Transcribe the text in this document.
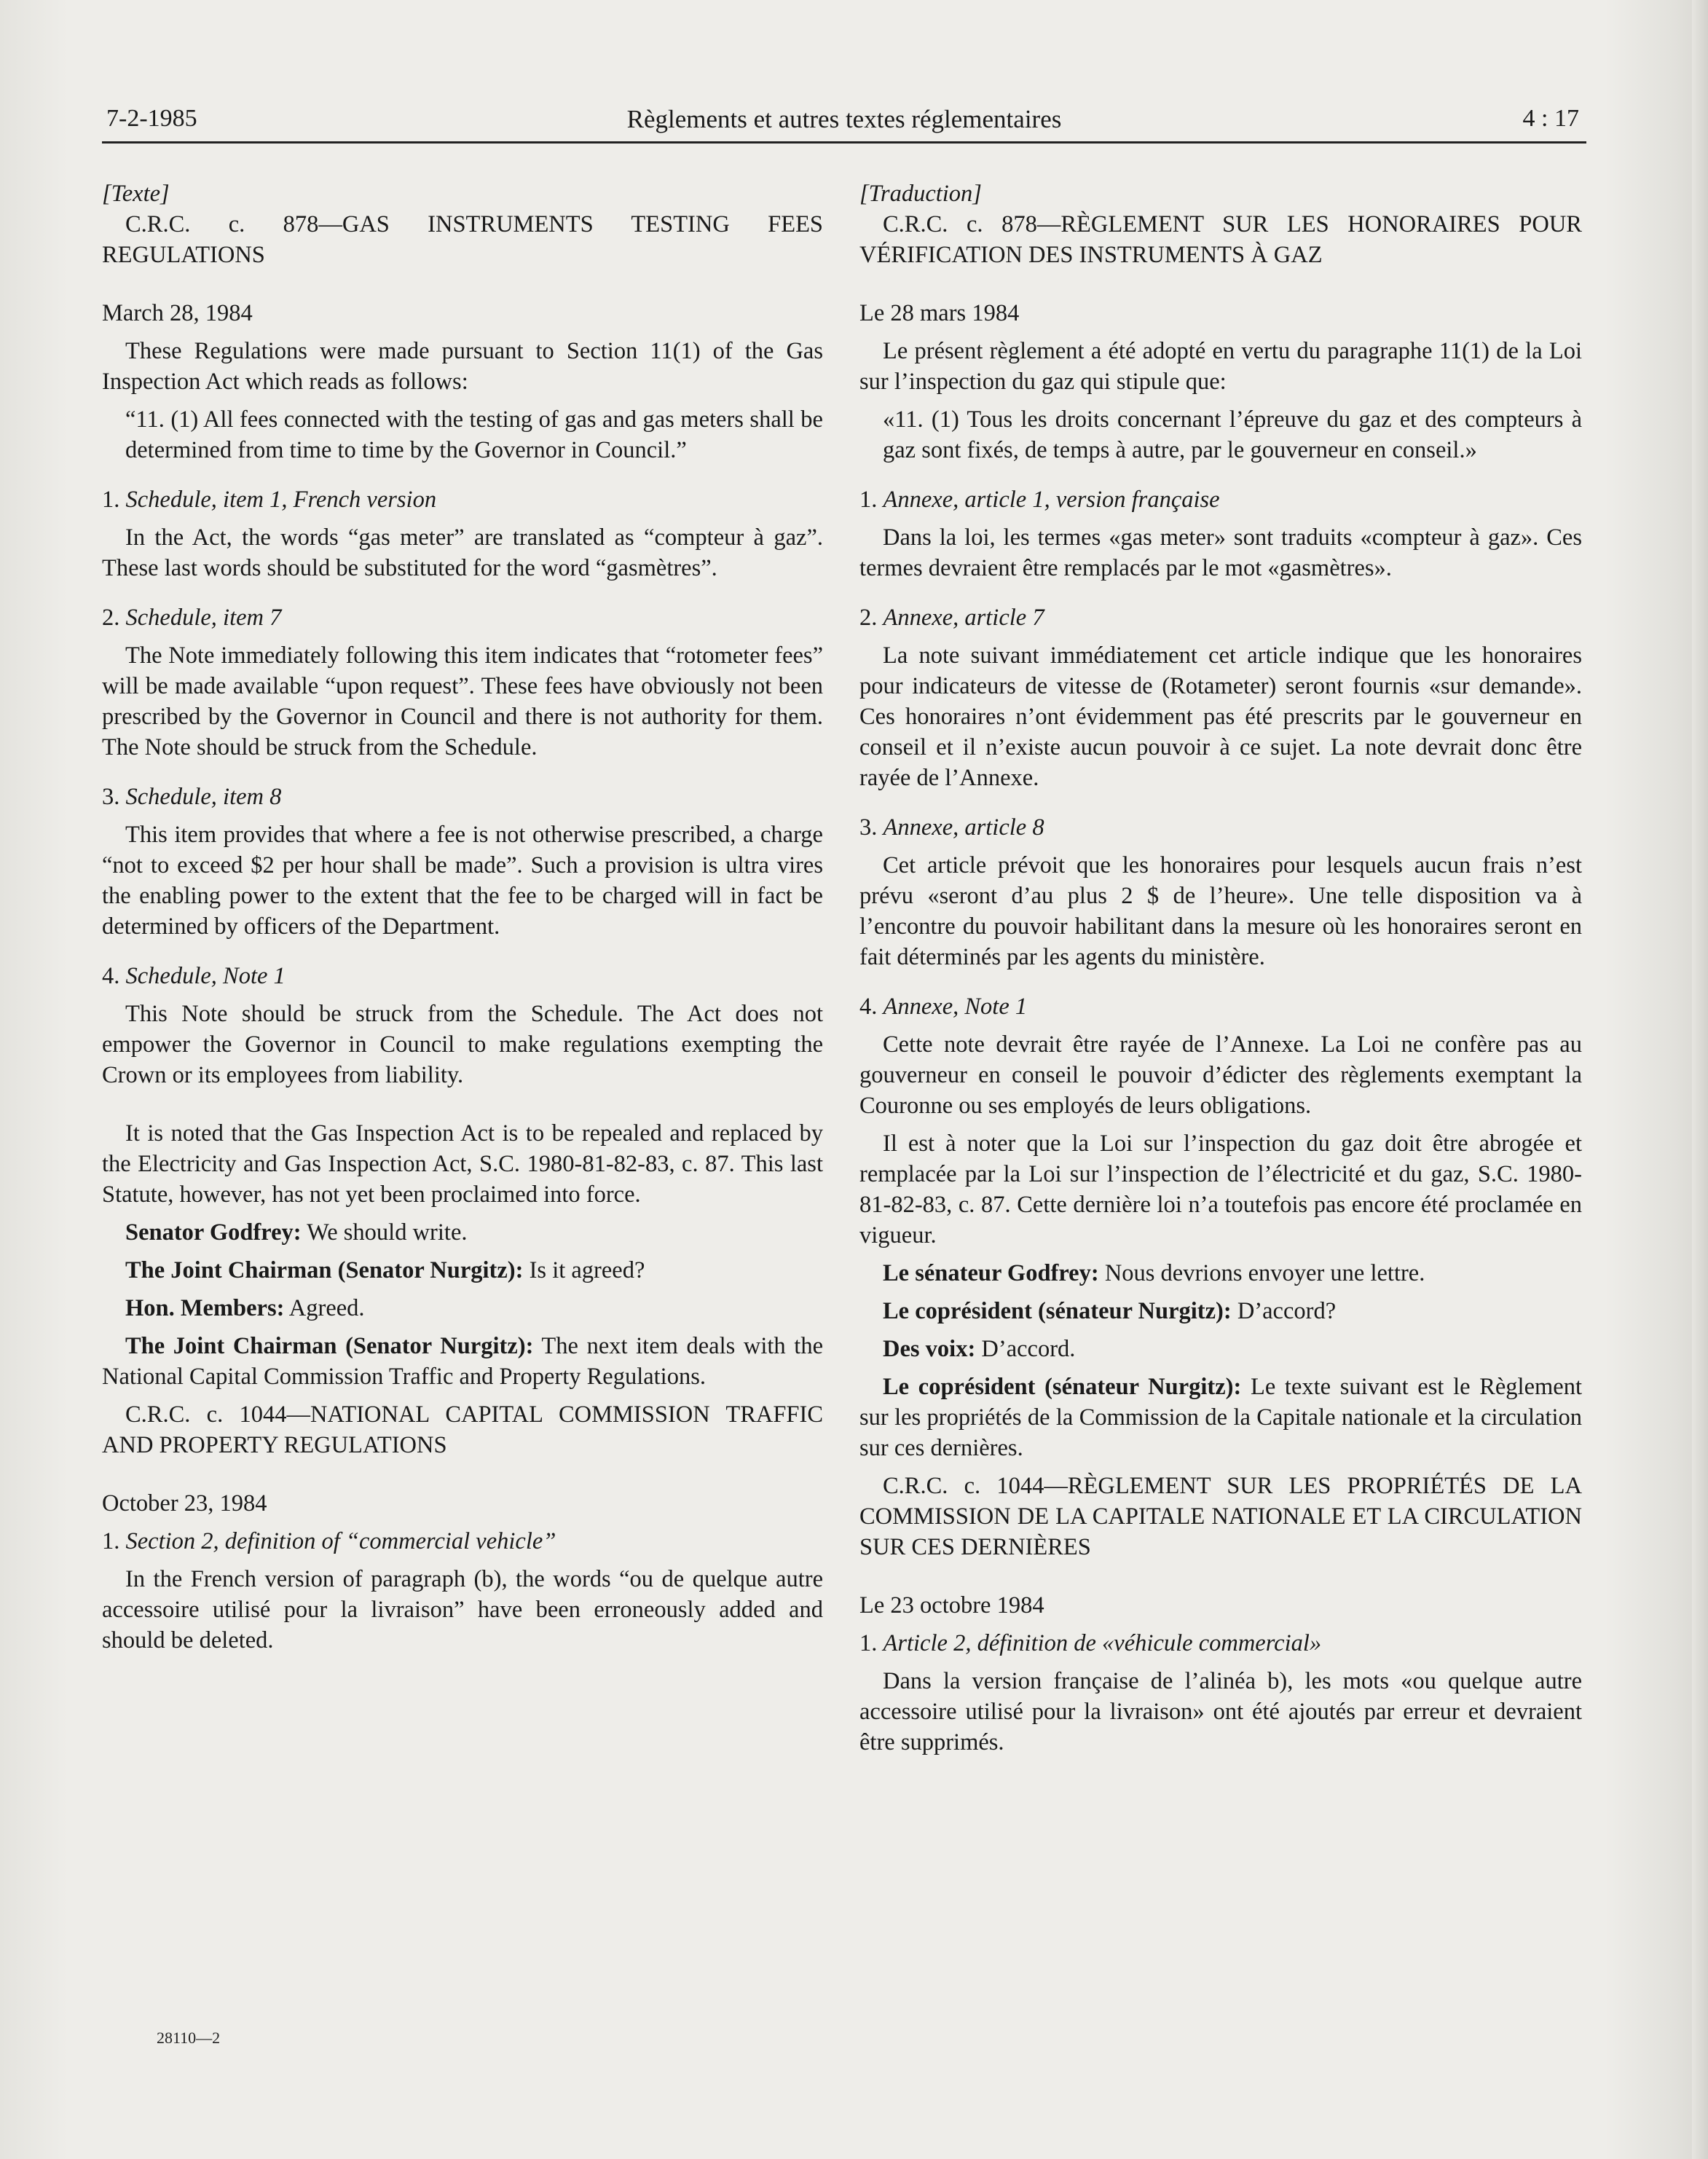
7-2-1985	Règlements et autres textes réglementaires	4 : 17

[Texte]

C.R.C. c. 878—GAS INSTRUMENTS TESTING FEES REGULATIONS

March 28, 1984

These Regulations were made pursuant to Section 11(1) of the Gas Inspection Act which reads as follows:

“11. (1) All fees connected with the testing of gas and gas meters shall be determined from time to time by the Governor in Council.”

1. Schedule, item 1, French version

In the Act, the words “gas meter” are translated as “compteur à gaz”. These last words should be substituted for the word “gasmètres”.

2. Schedule, item 7

The Note immediately following this item indicates that “rotometer fees” will be made available “upon request”. These fees have obviously not been prescribed by the Governor in Council and there is not authority for them. The Note should be struck from the Schedule.

3. Schedule, item 8

This item provides that where a fee is not otherwise prescribed, a charge “not to exceed $2 per hour shall be made”. Such a provision is ultra vires the enabling power to the extent that the fee to be charged will in fact be determined by officers of the Department.

4. Schedule, Note 1

This Note should be struck from the Schedule. The Act does not empower the Governor in Council to make regulations exempting the Crown or its employees from liability.

It is noted that the Gas Inspection Act is to be repealed and replaced by the Electricity and Gas Inspection Act, S.C. 1980-81-82-83, c. 87. This last Statute, however, has not yet been proclaimed into force.

Senator Godfrey: We should write.

The Joint Chairman (Senator Nurgitz): Is it agreed?

Hon. Members: Agreed.

The Joint Chairman (Senator Nurgitz): The next item deals with the National Capital Commission Traffic and Property Regulations.

C.R.C. c. 1044—NATIONAL CAPITAL COMMISSION TRAFFIC AND PROPERTY REGULATIONS

October 23, 1984

1. Section 2, definition of “commercial vehicle”

In the French version of paragraph (b), the words “ou de quelque autre accessoire utilisé pour la livraison” have been erroneously added and should be deleted.

[Traduction]

C.R.C. c. 878—RÈGLEMENT SUR LES HONORAIRES POUR VÉRIFICATION DES INSTRUMENTS À GAZ

Le 28 mars 1984

Le présent règlement a été adopté en vertu du paragraphe 11(1) de la Loi sur l’inspection du gaz qui stipule que:

«11. (1) Tous les droits concernant l’épreuve du gaz et des compteurs à gaz sont fixés, de temps à autre, par le gouverneur en conseil.»

1. Annexe, article 1, version française

Dans la loi, les termes «gas meter» sont traduits «compteur à gaz». Ces termes devraient être remplacés par le mot «gasmètres».

2. Annexe, article 7

La note suivant immédiatement cet article indique que les honoraires pour indicateurs de vitesse de (Rotameter) seront fournis «sur demande». Ces honoraires n’ont évidemment pas été prescrits par le gouverneur en conseil et il n’existe aucun pouvoir à ce sujet. La note devrait donc être rayée de l’Annexe.

3. Annexe, article 8

Cet article prévoit que les honoraires pour lesquels aucun frais n’est prévu «seront d’au plus 2 $ de l’heure». Une telle disposition va à l’encontre du pouvoir habilitant dans la mesure où les honoraires seront en fait déterminés par les agents du ministère.

4. Annexe, Note 1

Cette note devrait être rayée de l’Annexe. La Loi ne confère pas au gouverneur en conseil le pouvoir d’édicter des règlements exemptant la Couronne ou ses employés de leurs obligations.

Il est à noter que la Loi sur l’inspection du gaz doit être abrogée et remplacée par la Loi sur l’inspection de l’électricité et du gaz, S.C. 1980-81-82-83, c. 87. Cette dernière loi n’a toutefois pas encore été proclamée en vigueur.

Le sénateur Godfrey: Nous devrions envoyer une lettre.

Le coprésident (sénateur Nurgitz): D’accord?

Des voix: D’accord.

Le coprésident (sénateur Nurgitz): Le texte suivant est le Règlement sur les propriétés de la Commission de la Capitale nationale et la circulation sur ces dernières.

C.R.C. c. 1044—RÈGLEMENT SUR LES PROPRIÉTÉS DE LA COMMISSION DE LA CAPITALE NATIONALE ET LA CIRCULATION SUR CES DERNIÈRES

Le 23 octobre 1984

1. Article 2, définition de «véhicule commercial»

Dans la version française de l’alinéa b), les mots «ou quelque autre accessoire utilisé pour la livraison» ont été ajoutés par erreur et devraient être supprimés.

28110—2
